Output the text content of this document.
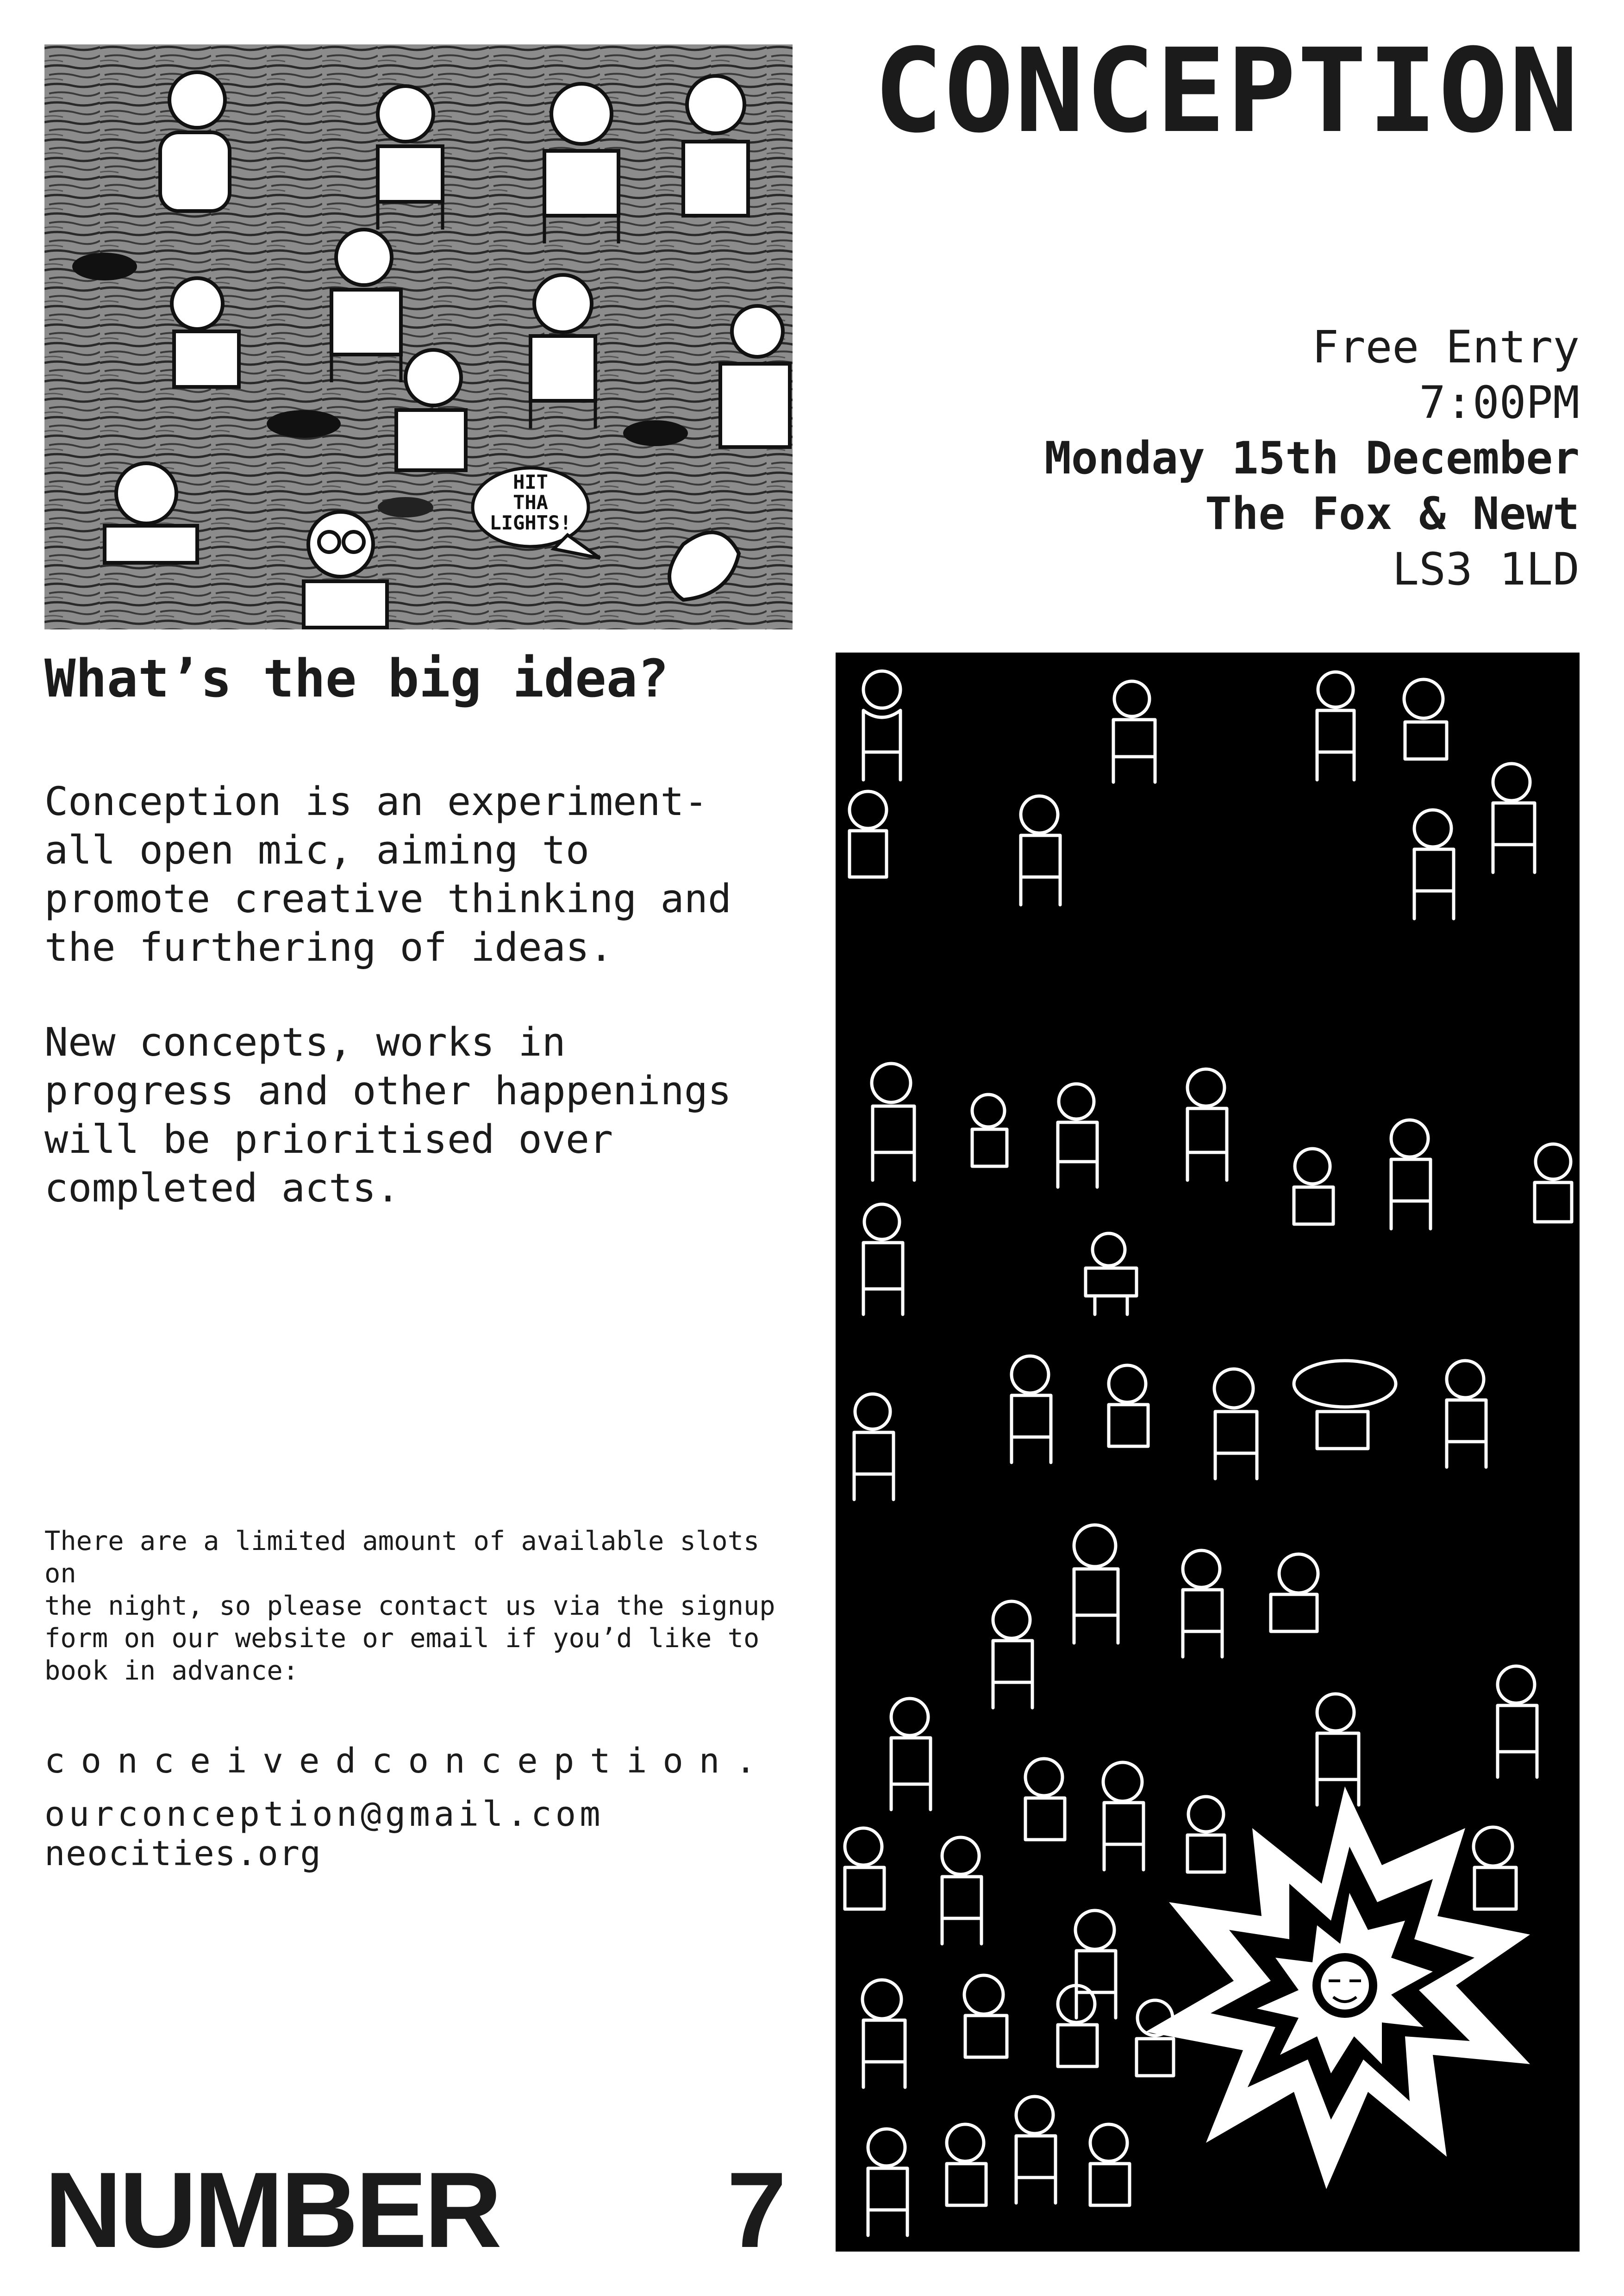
HIT THA LIGHTS!
CONCEPTION
Free Entry
7:00PM
Monday 15th December
The Fox & Newt
LS3 1LD
What’s the big idea?
Conception is an experiment-
all open mic, aiming to
promote creative thinking and
the furthering of ideas.
New concepts, works in
progress and other happenings
will be prioritised over
completed acts.
There are a limited amount of available slots on
the night, so please contact us via the signup
form on our website or email if you’d like to
book in advance:

conceivedconception.

neocities.org

ourconception@gmail.com
NUMBER 7
